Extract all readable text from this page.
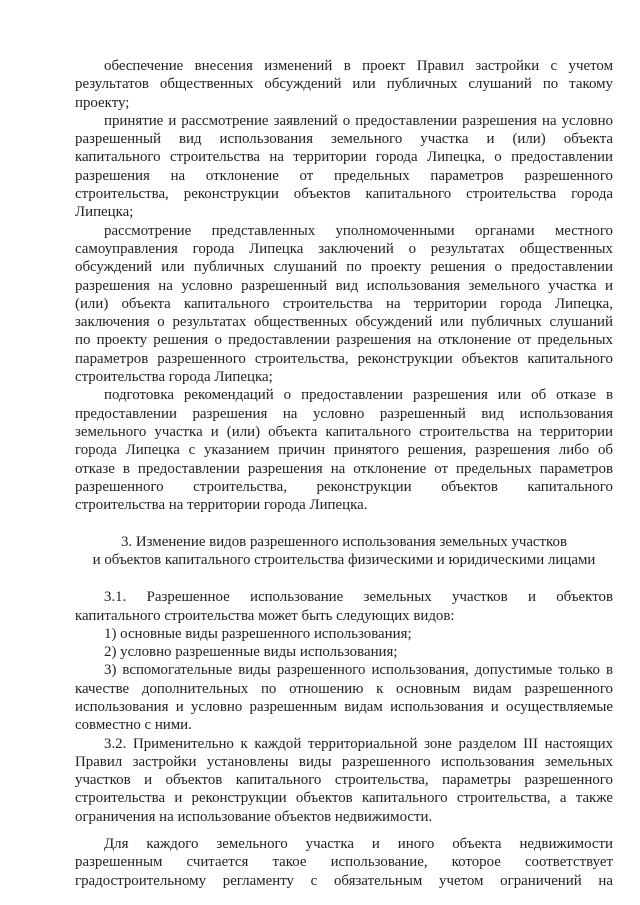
обеспечение внесения изменений в проект Правил застройки с учетом
результатов общественных обсуждений или публичных слушаний по такому
проекту;
принятие и рассмотрение заявлений о предоставлении разрешения на условно
разрешенный вид использования земельного участка и (или) объекта
капитального строительства на территории города Липецка, о предоставлении
разрешения на отклонение от предельных параметров разрешенного
строительства, реконструкции объектов капитального строительства города
Липецка;
рассмотрение представленных уполномоченными органами местного
самоуправления города Липецка заключений о результатах общественных
обсуждений или публичных слушаний по проекту решения о предоставлении
разрешения на условно разрешенный вид использования земельного участка и
(или) объекта капитального строительства на территории города Липецка,
заключения о результатах общественных обсуждений или публичных слушаний
по проекту решения о предоставлении разрешения на отклонение от предельных
параметров разрешенного строительства, реконструкции объектов капитального
строительства города Липецка;
подготовка рекомендаций о предоставлении разрешения или об отказе в
предоставлении разрешения на условно разрешенный вид использования
земельного участка и (или) объекта капитального строительства на территории
города Липецка с указанием причин принятого решения, разрешения либо об
отказе в предоставлении разрешения на отклонение от предельных параметров
разрешенного строительства, реконструкции объектов капитального
строительства на территории города Липецка.
3. Изменение видов разрешенного использования земельных участков
и объектов капитального строительства физическими и юридическими лицами
3.1. Разрешенное использование земельных участков и объектов
капитального строительства может быть следующих видов:
1) основные виды разрешенного использования;
2) условно разрешенные виды использования;
3) вспомогательные виды разрешенного использования, допустимые только в
качестве дополнительных по отношению к основным видам разрешенного
использования и условно разрешенным видам использования и осуществляемые
совместно с ними.
3.2. Применительно к каждой территориальной зоне разделом III настоящих
Правил застройки установлены виды разрешенного использования земельных
участков и объектов капитального строительства, параметры разрешенного
строительства и реконструкции объектов капитального строительства, а также
ограничения на использование объектов недвижимости.
Для каждого земельного участка и иного объекта недвижимости
разрешенным считается такое использование, которое соответствует
градостроительному регламенту с обязательным учетом ограничений на
